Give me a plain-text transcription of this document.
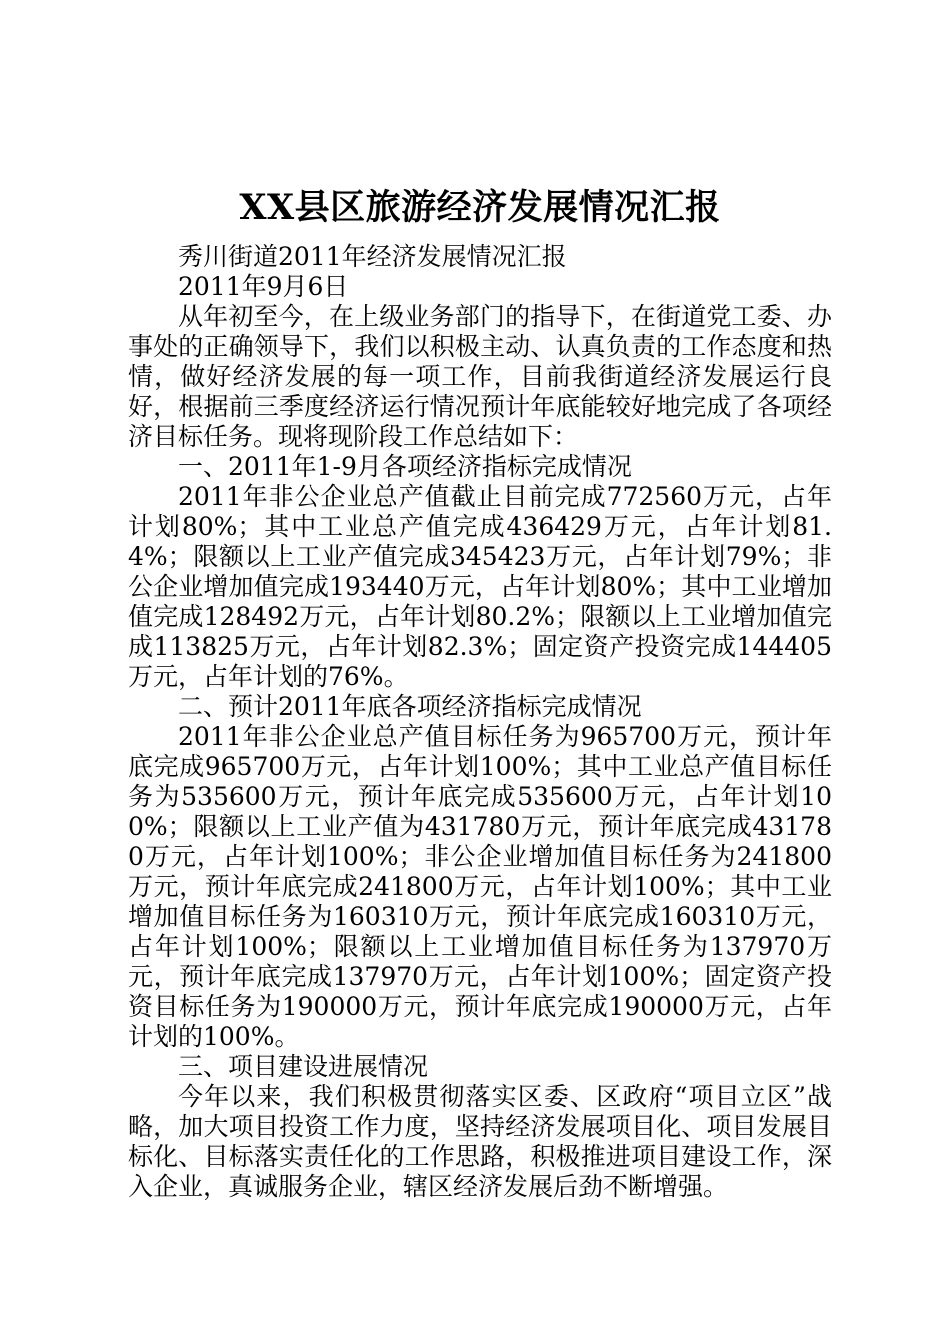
XX县区旅游经济发展情况汇报

秀川街道2011年经济发展情况汇报

2011年9月6日

从年初至今，在上级业务部门的指导下，在街道党工委、办事处的正确领导下，我们以积极主动、认真负责的工作态度和热情，做好经济发展的每一项工作，目前我街道经济发展运行良好，根据前三季度经济运行情况预计年底能较好地完成了各项经济目标任务。现将现阶段工作总结如下：

一、2011年1-9月各项经济指标完成情况

2011年非公企业总产值截止目前完成772560万元，占年计划80%；其中工业总产值完成436429万元，占年计划81.4%；限额以上工业产值完成345423万元，占年计划79%；非公企业增加值完成193440万元，占年计划80%；其中工业增加值完成128492万元，占年计划80.2%；限额以上工业增加值完成113825万元，占年计划82.3%；固定资产投资完成144405万元，占年计划的76%。

二、预计2011年底各项经济指标完成情况

2011年非公企业总产值目标任务为965700万元，预计年底完成965700万元，占年计划100%；其中工业总产值目标任务为535600万元，预计年底完成535600万元，占年计划100%；限额以上工业产值为431780万元，预计年底完成431780万元，占年计划100%；非公企业增加值目标任务为241800万元，预计年底完成241800万元，占年计划100%；其中工业增加值目标任务为160310万元，预计年底完成160310万元，占年计划100%；限额以上工业增加值目标任务为137970万元，预计年底完成137970万元，占年计划100%；固定资产投资目标任务为190000万元，预计年底完成190000万元，占年计划的100%。

三、项目建设进展情况

今年以来，我们积极贯彻落实区委、区政府“项目立区”战略，加大项目投资工作力度，坚持经济发展项目化、项目发展目标化、目标落实责任化的工作思路，积极推进项目建设工作，深入企业，真诚服务企业，辖区经济发展后劲不断增强。
